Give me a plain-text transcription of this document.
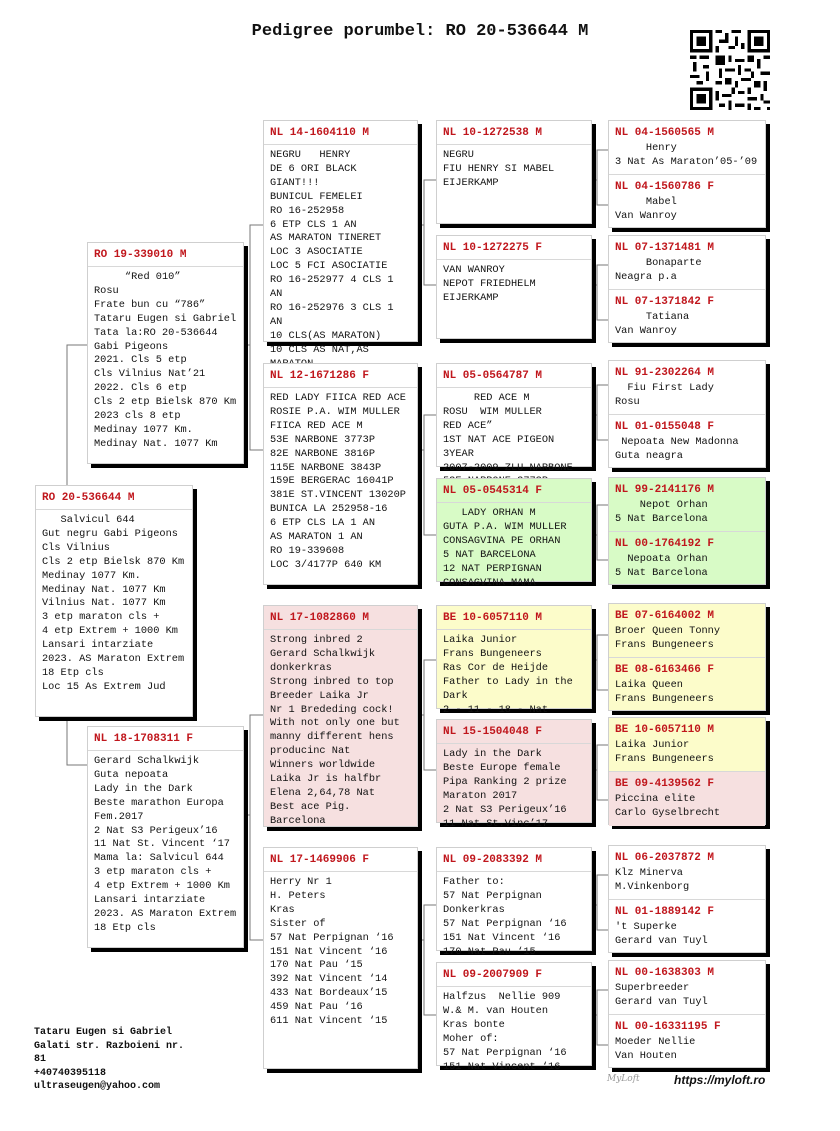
Pedigree porumbel: RO 20-536644 M
RO 20-536644 M
Salvicul 644
Gut negru Gabi Pigeons
Cls Vilnius
Cls 2 etp Bielsk 870 Km
Medinay 1077 Km.
Medinay Nat. 1077 Km
Vilnius Nat. 1077 Km
3 etp maraton cls +
4 etp Extrem + 1000 Km
Lansari intarziate
2023. AS Maraton Extrem
18 Etp cls
Loc 15 As Extrem Jud
RO 19-339010 M
“Red 010”
Rosu
Frate bun cu “786”
Tataru Eugen si Gabriel
Tata la:RO 20-536644
Gabi Pigeons
2021. Cls 5 etp
Cls Vilnius Nat’21
2022. Cls 6 etp
Cls 2 etp Bielsk 870 Km
2023 cls 8 etp
Medinay 1077 Km.
Medinay Nat. 1077 Km
NL 18-1708311 F
Gerard Schalkwijk
Guta nepoata
Lady in the Dark
Beste marathon Europa
Fem.2017
2 Nat S3 Perigeux’16
11 Nat St. Vincent ‘17
Mama la: Salvicul 644
3 etp maraton cls +
4 etp Extrem + 1000 Km
Lansari intarziate
2023. AS Maraton Extrem
18 Etp cls
NL 14-1604110 M
NEGRU   HENRY
DE 6 ORI BLACK GIANT!!!
BUNICUL FEMELEI
RO 16-252958
6 ETP CLS 1 AN
AS MARATON TINERET
LOC 3 ASOCIATIE
LOC 5 FCI ASOCIATIE
RO 16-252977 4 CLS 1 AN
RO 16-252976 3 CLS 1 AN
10 CLS(AS MARATON)
10 CLS AS NAT,AS
NL 12-1671286 F
RED LADY FIICA RED ACE
ROSIE P.A. WIM MULLER
FIICA RED ACE M
53E NARBONE 3773P
82E NARBONE 3816P
115E NARBONE 3843P
159E BERGERAC 16041P
381E ST.VINCENT 13020P
BUNICA LA 252958-16
6 ETP CLS LA 1 AN
AS MARATON 1 AN
RO 19-339608
LOC 3/4177P 640 KM
NL 17-1082860 M
Strong inbred 2
Gerard Schalkwijk
donkerkras
Strong inbred to top
Breeder Laika Jr
Nr 1 Brededing cock!
With not only one but
manny different hens
producinc Nat
Winners worldwide
Laika Jr is halfbr
Elena 2,64,78 Nat
Best ace Pig. Barcelona
NL 17-1469906 F
Herry Nr 1
H. Peters
Kras
Sister of
57 Nat Perpignan ‘16
151 Nat Vincent ‘16
170 Nat Pau ‘15
392 Nat Vincent ‘14
433 Nat Bordeaux’15
459 Nat Pau ‘16
611 Nat Vincent ‘15
NL 10-1272538 M
NEGRU
FIU HENRY SI MABEL
EIJERKAMP
NL 10-1272275 F
VAN WANROY
NEPOT FRIEDHELM
EIJERKAMP
NL 05-0564787 M
RED ACE M
ROSU  WIM MULLER
RED ACE”
1ST NAT ACE PIGEON 3YEAR
2007-2009 ZLU NARBONE

NL 05-0545314 F
LADY ORHAN M
GUTA P.A. WIM MULLER
CONSAGVINA PE ORHAN
5 NAT BARCELONA
12 NAT PERPIGNAN
CONSAGVINA MAMA
BE 10-6057110 M
Laika Junior
Frans Bungeneers
Ras Cor de Heijde
Father to Lady in the
Dark
2 - 11 - 18 - Nat
NL 15-1504048 F
Lady in the Dark
Beste Europe female
Pipa Ranking 2 prize
Maraton 2017
2 Nat S3 Perigeux’16
11 Nat St.Vinc’17
NL 09-2083392 M
Father to:
57 Nat Perpignan
Donkerkras
57 Nat Perpignan ‘16
151 Nat Vincent ‘16
170 Nat Pau ‘15
NL 09-2007909 F
Halfzus  Nellie 909
W.& M. van Houten
Kras bonte
Moher of:
57 Nat Perpignan ‘16
151 Nat Vincent ‘16
NL 04-1560565 M
Henry
3 Nat As Maraton’05-’09
NL 04-1560786 F
Mabel
Van Wanroy
NL 07-1371481 M
Bonaparte
Neagra p.a
NL 07-1371842 F
Tatiana
Van Wanroy
NL 91-2302264 M
Fiu First Lady
Rosu
NL 01-0155048 F
Nepoata New Madonna
Guta neagra
NL 99-2141176 M
Nepot Orhan
5 Nat Barcelona
NL 00-1764192 F
Nepoata Orhan
5 Nat Barcelona
BE 07-6164002 M
Broer Queen Tonny
Frans Bungeneers
BE 08-6163466 F
Laika Queen
Frans Bungeneers
BE 10-6057110 M
Laika Junior
Frans Bungeneers
BE 09-4139562 F
Piccina elite
Carlo Gyselbrecht
NL 06-2037872 M
Klz Minerva
M.Vinkenborg
NL 01-1889142 F
't Superke
Gerard van Tuyl
NL 00-1638303 M
Superbreeder
Gerard van Tuyl
NL 00-16331195 F
Moeder Nellie
Van Houten
Tataru Eugen si Gabriel
Galati str. Razboieni nr.
81
+40740395118
ultraseugen@yahoo.com
MyLoft	https://myloft.ro
